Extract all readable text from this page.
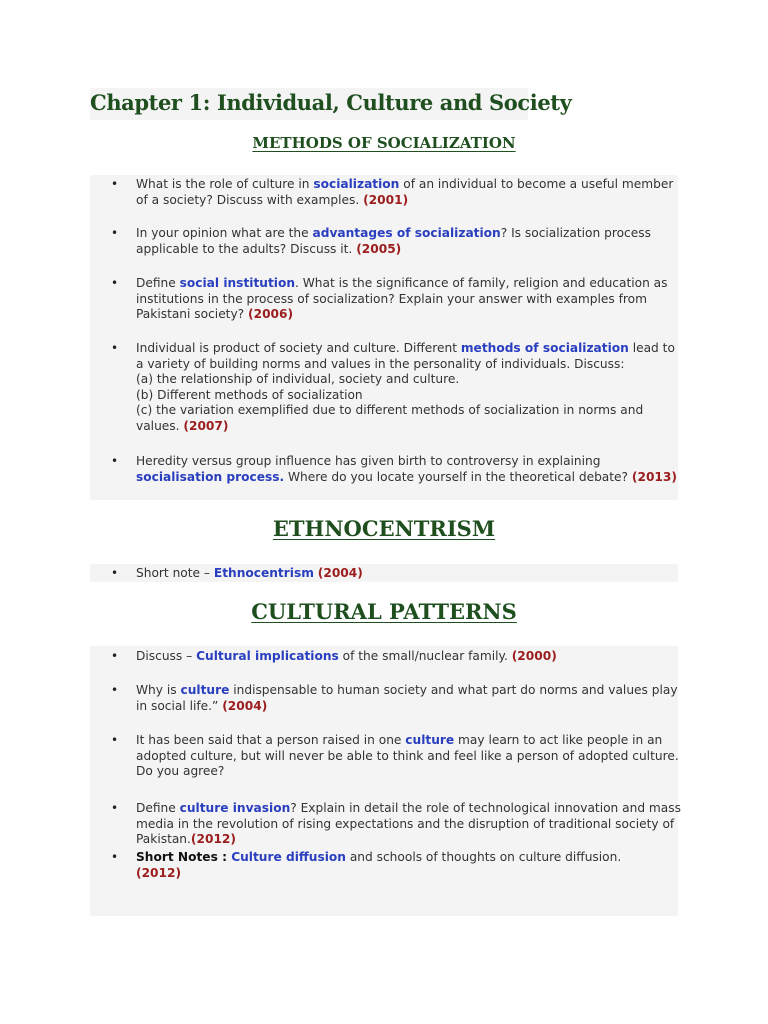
Chapter 1: Individual, Culture and Society
METHODS OF SOCIALIZATION
• What is the role of culture in socialization of an individual to become a useful member of a society? Discuss with examples. (2001)
• In your opinion what are the advantages of socialization? Is socialization process applicable to the adults? Discuss it. (2005)
• Define social institution. What is the significance of family, religion and education as institutions in the process of socialization? Explain your answer with examples from Pakistani society? (2006)
• Individual is product of society and culture. Different methods of socialization lead to a variety of building norms and values in the personality of individuals. Discuss:
(a) the relationship of individual, society and culture.
(b) Different methods of socialization
(c) the variation exemplified due to different methods of socialization in norms and values. (2007)
• Heredity versus group influence has given birth to controversy in explaining socialisation process. Where do you locate yourself in the theoretical debate? (2013)
ETHNOCENTRISM
• Short note – Ethnocentrism (2004)
CULTURAL PATTERNS
• Discuss – Cultural implications of the small/nuclear family. (2000)
• Why is culture indispensable to human society and what part do norms and values play in social life.” (2004)
• It has been said that a person raised in one culture may learn to act like people in an adopted culture, but will never be able to think and feel like a person of adopted culture. Do you agree?
• Define culture invasion? Explain in detail the role of technological innovation and mass media in the revolution of rising expectations and the disruption of traditional society of Pakistan.(2012)
• Short Notes : Culture diffusion and schools of thoughts on culture diffusion.
(2012)
